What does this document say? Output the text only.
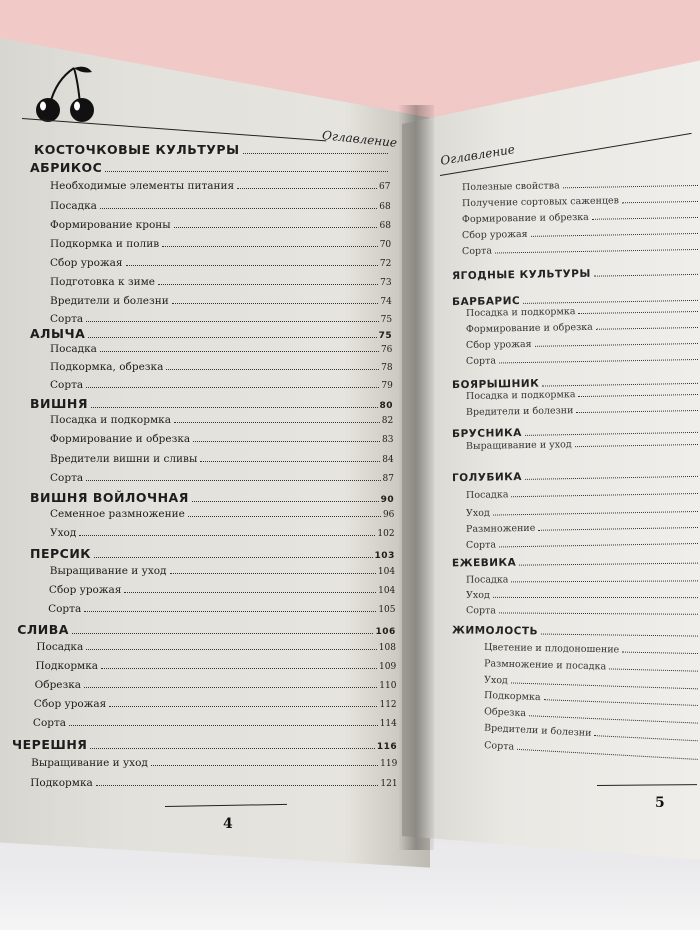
Оглавление
Оглавление
КОСТОЧКОВЫЕ КУЛЬТУРЫ
АБРИКОС
Необходимые элементы питания	67
Посадка	68
Формирование кроны	68
Подкормка и полив	70
Сбор урожая	72
Подготовка к зиме	73
Вредители и болезни	74
Сорта	75
АЛЫЧА	75
Посадка	76
Подкормка, обрезка	78
Сорта	79
ВИШНЯ	80
Посадка и подкормка	82
Формирование и обрезка	83
Вредители вишни и сливы	84
Сорта	87
ВИШНЯ ВОЙЛОЧНАЯ	90
Семенное размножение	96
Уход	102
ПЕРСИК	103
Выращивание и уход	104
Сбор урожая	104
Сорта	105
СЛИВА	106
Посадка	108
Подкормка	109
Обрезка	110
Сбор урожая	112
Сорта	114
ЧЕРЕШНЯ	116
Выращивание и уход	119
Подкормка	121
Полезные свойства
Получение сортовых саженцев
Формирование и обрезка
Сбор урожая
Сорта
ЯГОДНЫЕ КУЛЬТУРЫ
БАРБАРИС
Посадка и подкормка
Формирование и обрезка
Сбор урожая
Сорта
БОЯРЫШНИК
Посадка и подкормка
Вредители и болезни
БРУСНИКА
Выращивание и уход
ГОЛУБИКА
Посадка
Уход
Размножение
Сорта
ЕЖЕВИКА
Посадка
Уход
Сорта
ЖИМОЛОСТЬ
Цветение и плодоношение
Размножение и посадка
Уход
Подкормка
Обрезка
Вредители и болезни
Сорта
4
5
